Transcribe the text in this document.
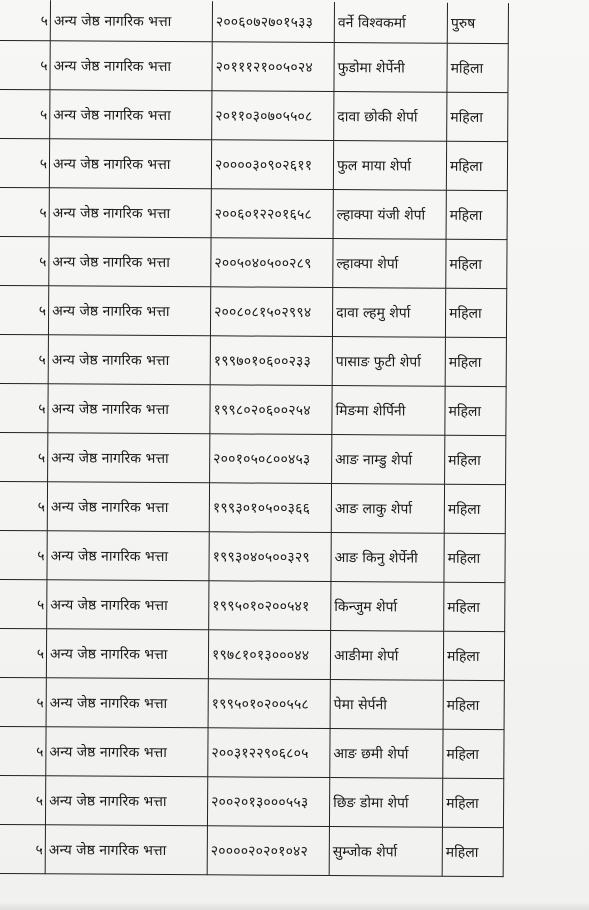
५	अन्य जेष्ठ नागरिक भत्ता	२००६०७२७०१५३३	वर्ने विश्वकर्मा	पुरुष
५	अन्य जेष्ठ नागरिक भत्ता	२०१११२१००५०२४	फुडोमा शेर्पेनी	महिला
५	अन्य जेष्ठ नागरिक भत्ता	२०११०३०७०५५०८	दावा छोकी शेर्पा	महिला
५	अन्य जेष्ठ नागरिक भत्ता	२००००३०९०२६११	फुल माया शेर्पा	महिला
५	अन्य जेष्ठ नागरिक भत्ता	२००६०१२२०१६५८	ल्हाक्पा यंजी शेर्पा	महिला
५	अन्य जेष्ठ नागरिक भत्ता	२००५०४०५००२८९	ल्हाक्पा शेर्पा	महिला
५	अन्य जेष्ठ नागरिक भत्ता	२००८०८१५०२९९४	दावा ल्हमु शेर्पा	महिला
५	अन्य जेष्ठ नागरिक भत्ता	१९९७०१०६००२३३	पासाङ फुटी शेर्पा	महिला
५	अन्य जेष्ठ नागरिक भत्ता	१९९८०२०६००२५४	मिङमा शेर्पिनी	महिला
५	अन्य जेष्ठ नागरिक भत्ता	२००१०५०८००४५३	आङ नाम्डु शेर्पा	महिला
५	अन्य जेष्ठ नागरिक भत्ता	१९९३०१०५००३६६	आङ लाकु शेर्पा	महिला
५	अन्य जेष्ठ नागरिक भत्ता	१९९३०४०५००३२९	आङ किनु शेर्पेनी	महिला
५	अन्य जेष्ठ नागरिक भत्ता	१९९५०१०२००५४१	किन्जुम शेर्पा	महिला
५	अन्य जेष्ठ नागरिक भत्ता	१९७८१०१३०००४४	आङीमा शेर्पा	महिला
५	अन्य जेष्ठ नागरिक भत्ता	१९९५०१०२००५५८	पेमा सेर्पनी	महिला
५	अन्य जेष्ठ नागरिक भत्ता	२००३१२२९०६८०५	आङ छमी शेर्पा	महिला
५	अन्य जेष्ठ नागरिक भत्ता	२००२०१३०००५५३	छिङ डोमा शेर्पा	महिला
५	अन्य जेष्ठ नागरिक भत्ता	२००००२०२०१०४२	सुम्जोक शेर्पा	महिला
